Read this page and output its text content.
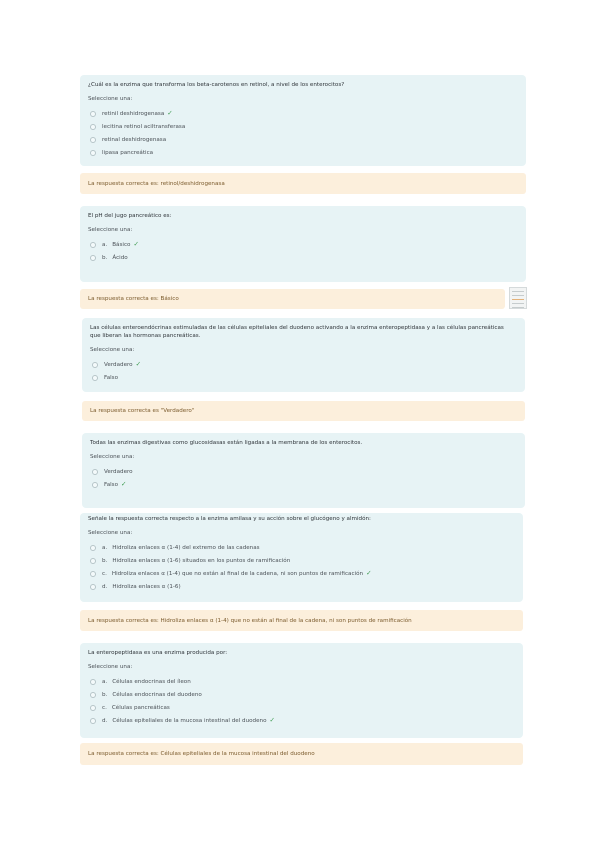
¿Cuál es la enzima que transforma los beta-carotenos en retinol, a nivel de los enterocitos?

Seleccione una:

retinil deshidrogenasa ✓
lecitina retinol aciltransferasa
retinal deshidrogenasa
lipasa pancreática
La respuesta correcta es: retinol/deshidrogenasa

El pH del jugo pancreático es:

Seleccione una:

a. Básico ✓
b. Ácido
La respuesta correcta es: Básico

Las células enteroendócrinas estimuladas de las células epiteliales del duodeno activando a la enzima enteropeptidasa y a las células pancreáticas que liberan las hormonas pancreáticas.

Seleccione una:

Verdadero ✓
Falso
La respuesta correcta es "Verdadero"

Todas las enzimas digestivas como glucosidasas están ligadas a la membrana de los enterocitos.

Seleccione una:

Verdadero
Falso ✓

Señale la respuesta correcta respecto a la enzima amilasa y su acción sobre el glucógeno y almidón:

Seleccione una:

a. Hidroliza enlaces α (1-4) del extremo de las cadenas
b. Hidroliza enlaces α (1-6) situados en los puntos de ramificación
c. Hidroliza enlaces α (1-4) que no están al final de la cadena, ni son puntos de ramificación ✓
d. Hidroliza enlaces α (1-6)
La respuesta correcta es: Hidroliza enlaces α (1-4) que no están al final de la cadena, ni son puntos de ramificación

La enteropeptidasa es una enzima producida por:

Seleccione una:

a. Células endocrinas del íleon
b. Células endocrinas del duodeno
c. Células pancreáticas
d. Células epiteliales de la mucosa intestinal del duodeno ✓
La respuesta correcta es: Células epiteliales de la mucosa intestinal del duodeno
